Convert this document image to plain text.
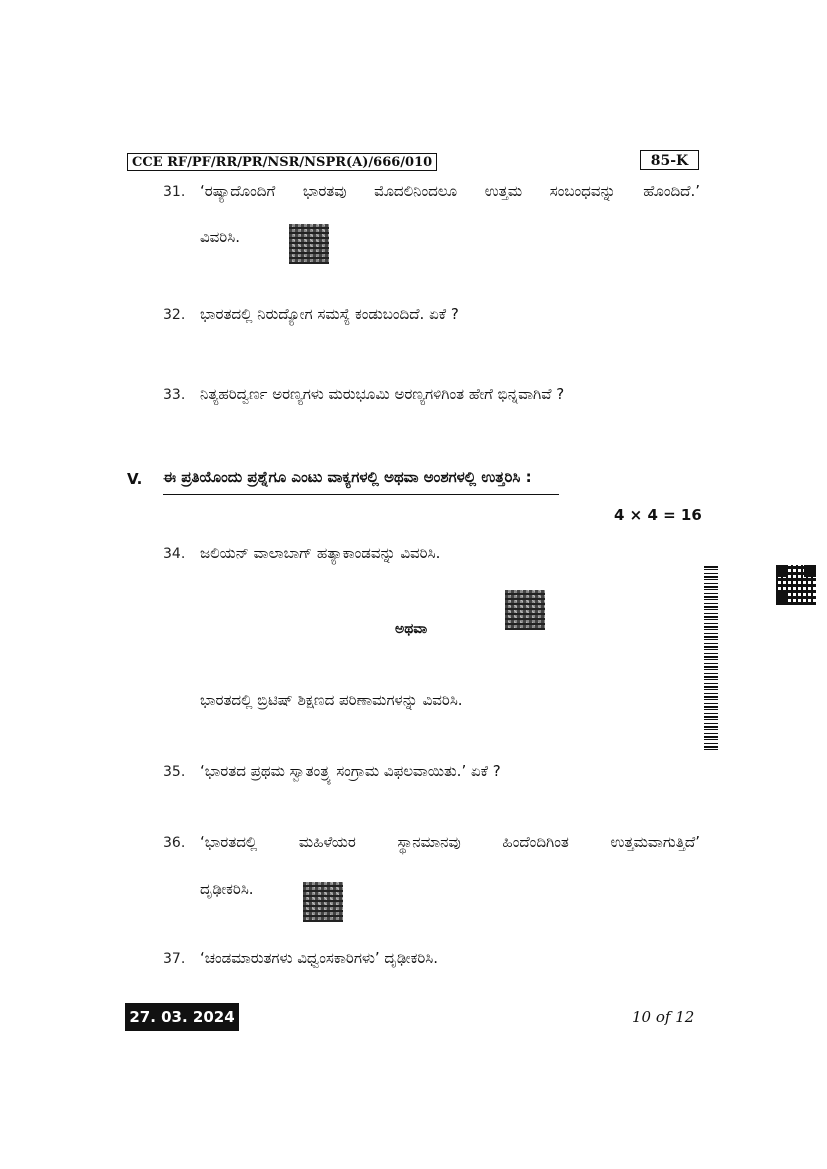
CCE RF/PF/RR/PR/NSR/NSPR(A)/666/010	85-K
31. ‘ರಷ್ಯಾದೊಂದಿಗೆ ಭಾರತವು ಮೊದಲಿನಿಂದಲೂ ಉತ್ತಮ ಸಂಬಂಧವನ್ನು ಹೊಂದಿದೆ.’
ವಿವರಿಸಿ.
32. ಭಾರತದಲ್ಲಿ ನಿರುದ್ಯೋಗ ಸಮಸ್ಯೆ ಕಂಡುಬಂದಿದೆ. ಏಕೆ ?
33. ನಿತ್ಯಹರಿದ್ವರ್ಣ ಅರಣ್ಯಗಳು ಮರುಭೂಮಿ ಅರಣ್ಯಗಳಿಗಿಂತ ಹೇಗೆ ಭಿನ್ನವಾಗಿವೆ ?
V. ಈ ಪ್ರತಿಯೊಂದು ಪ್ರಶ್ನೆಗೂ ಎಂಟು ವಾಕ್ಯಗಳಲ್ಲಿ ಅಥವಾ ಅಂಶಗಳಲ್ಲಿ ಉತ್ತರಿಸಿ :
4 × 4 = 16
34. ಜಲಿಯನ್ ವಾಲಾಬಾಗ್ ಹತ್ಯಾಕಾಂಡವನ್ನು ವಿವರಿಸಿ.
ಅಥವಾ
ಭಾರತದಲ್ಲಿ ಬ್ರಿಟಿಷ್ ಶಿಕ್ಷಣದ ಪರಿಣಾಮಗಳನ್ನು ವಿವರಿಸಿ.
35. ‘ಭಾರತದ ಪ್ರಥಮ ಸ್ವಾತಂತ್ರ್ಯ ಸಂಗ್ರಾಮ ವಿಫಲವಾಯಿತು.’ ಏಕೆ ?
36. ‘ಭಾರತದಲ್ಲಿ ಮಹಿಳೆಯರ ಸ್ಥಾನಮಾನವು ಹಿಂದೆಂದಿಗಿಂತ ಉತ್ತಮವಾಗುತ್ತಿದೆ’
ದೃಢೀಕರಿಸಿ.
37. ‘ಚಂಡಮಾರುತಗಳು ವಿಧ್ವಂಸಕಾರಿಗಳು’ ದೃಢೀಕರಿಸಿ.
27. 03. 2024	10 of 12
